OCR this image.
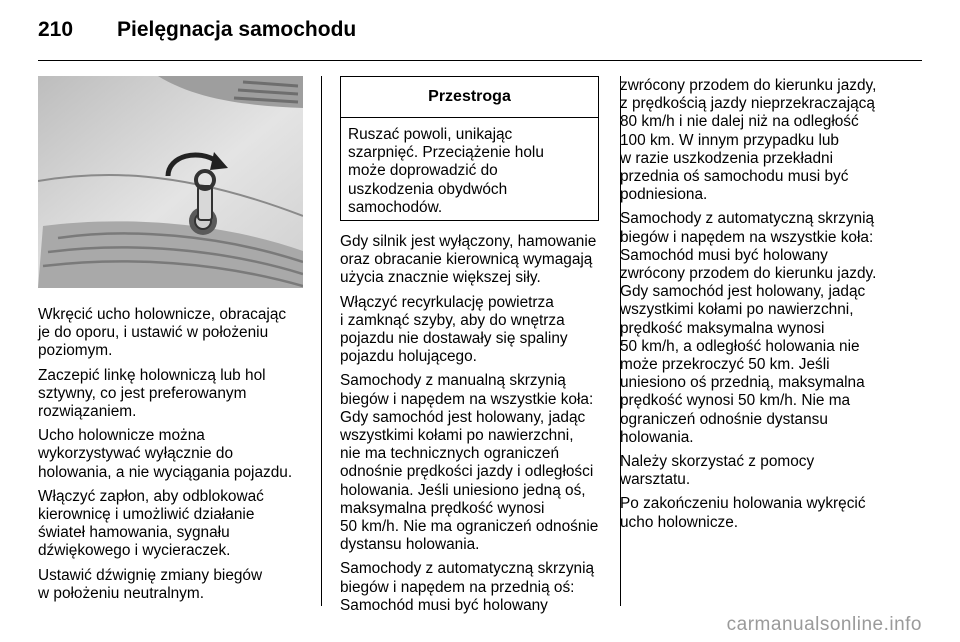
210 Pielęgnacja samochodu

Wkręcić ucho holownicze, obracając
je do oporu, i ustawić w położeniu
poziomym.

Zaczepić linkę holowniczą lub hol
sztywny, co jest preferowanym
rozwiązaniem.

Ucho holownicze można
wykorzystywać wyłącznie do
holowania, a nie wyciągania pojazdu.

Włączyć zapłon, aby odblokować
kierownicę i umożliwić działanie
świateł hamowania, sygnału
dźwiękowego i wycieraczek.

Ustawić dźwignię zmiany biegów
w położeniu neutralnym.

Przestroga
Ruszać powoli, unikając
szarpnięć. Przeciążenie holu
może doprowadzić do
uszkodzenia obydwóch
samochodów.

Gdy silnik jest wyłączony, hamowanie
oraz obracanie kierownicą wymagają
użycia znacznie większej siły.

Włączyć recyrkulację powietrza
i zamknąć szyby, aby do wnętrza
pojazdu nie dostawały się spaliny
pojazdu holującego.

Samochody z manualną skrzynią
biegów i napędem na wszystkie koła:
Gdy samochód jest holowany, jadąc
wszystkimi kołami po nawierzchni,
nie ma technicznych ograniczeń
odnośnie prędkości jazdy i odległości
holowania. Jeśli uniesiono jedną oś,
maksymalna prędkość wynosi
50 km/h. Nie ma ograniczeń odnośnie
dystansu holowania.

Samochody z automatyczną skrzynią
biegów i napędem na przednią oś:
Samochód musi być holowany

zwrócony przodem do kierunku jazdy,
z prędkością jazdy nieprzekraczającą
80 km/h i nie dalej niż na odległość
100 km. W innym przypadku lub
w razie uszkodzenia przekładni
przednia oś samochodu musi być
podniesiona.

Samochody z automatyczną skrzynią
biegów i napędem na wszystkie koła:
Samochód musi być holowany
zwrócony przodem do kierunku jazdy.
Gdy samochód jest holowany, jadąc
wszystkimi kołami po nawierzchni,
prędkość maksymalna wynosi
50 km/h, a odległość holowania nie
może przekroczyć 50 km. Jeśli
uniesiono oś przednią, maksymalna
prędkość wynosi 50 km/h. Nie ma
ograniczeń odnośnie dystansu
holowania.

Należy skorzystać z pomocy
warsztatu.

Po zakończeniu holowania wykręcić
ucho holownicze.

carmanualsonline.info
